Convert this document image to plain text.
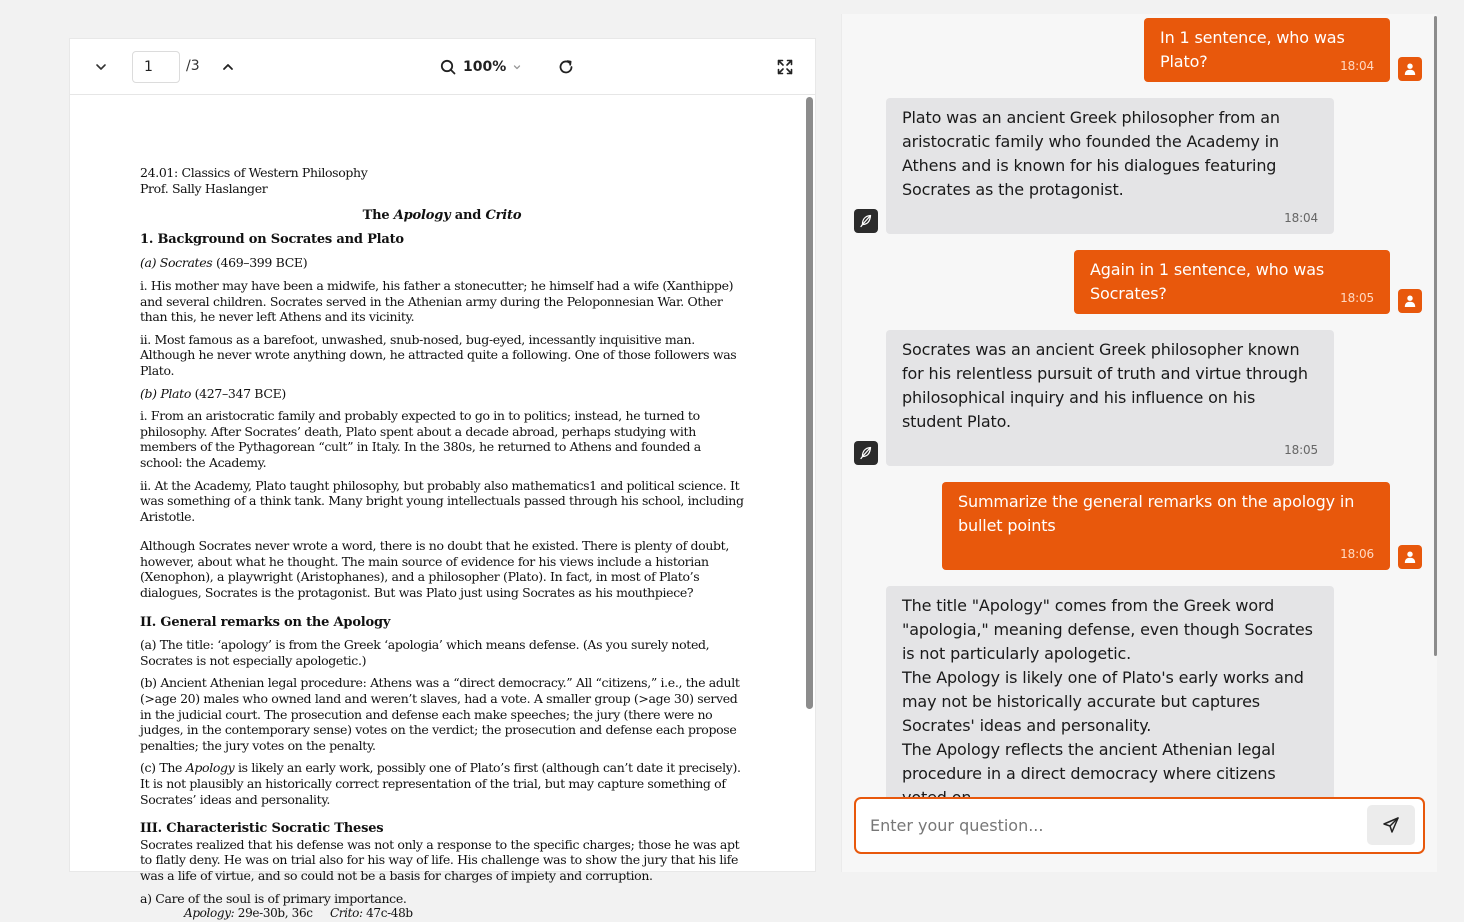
1	/3	100%

24.01: Classics of Western Philosophy

Prof. Sally Haslanger

The Apology and Crito
1. Background on Socrates and Plato

(a) Socrates (469–399 BCE)

i. His mother may have been a midwife, his father a stonecutter; he himself had a wife (Xanthippe) and several children. Socrates served in the Athenian army during the Peloponnesian War. Other than this, he never left Athens and its vicinity.

ii. Most famous as a barefoot, unwashed, snub-nosed, bug-eyed, incessantly inquisitive man. Although he never wrote anything down, he attracted quite a following. One of those followers was Plato.

(b) Plato (427–347 BCE)

i. From an aristocratic family and probably expected to go in to politics; instead, he turned to philosophy. After Socrates’ death, Plato spent about a decade abroad, perhaps studying with members of the Pythagorean “cult” in Italy. In the 380s, he returned to Athens and founded a school: the Academy.

ii. At the Academy, Plato taught philosophy, but probably also mathematics1 and political science. It was something of a think tank. Many bright young intellectuals passed through his school, including Aristotle.

Although Socrates never wrote a word, there is no doubt that he existed. There is plenty of doubt, however, about what he thought. The main source of evidence for his views include a historian (Xenophon), a playwright (Aristophanes), and a philosopher (Plato). In fact, in most of Plato’s dialogues, Socrates is the protagonist. But was Plato just using Socrates as his mouthpiece?

II. General remarks on the Apology

(a) The title: ‘apology’ is from the Greek ‘apologia’ which means defense. (As you surely noted, Socrates is not especially apologetic.)

(b) Ancient Athenian legal procedure: Athens was a “direct democracy.” All “citizens,” i.e., the adult (>age 20) males who owned land and weren’t slaves, had a vote. A smaller group (>age 30) served in the judicial court. The prosecution and defense each make speeches; the jury (there were no judges, in the contemporary sense) votes on the verdict; the prosecution and defense each propose penalties; the jury votes on the penalty.

(c) The Apology is likely an early work, possibly one of Plato’s first (although can’t date it precisely). It is not plausibly an historically correct representation of the trial, but may capture something of Socrates’ ideas and personality.

III. Characteristic Socratic Theses

Socrates realized that his defense was not only a response to the specific charges; those he was apt to flatly deny. He was on trial also for his way of life. His challenge was to show the jury that his life was a life of virtue, and so could not be a basis for charges of impiety and corruption.

a) Care of the soul is of primary importance.

Apology: 29e-30b, 36c Crito: 47c-48b

In 1 sentence, who was Plato?	18:04
Plato was an ancient Greek philosopher from an aristocratic family who founded the Academy in Athens and is known for his dialogues featuring Socrates as the protagonist.
18:04
Again in 1 sentence, who was Socrates?	18:05
Socrates was an ancient Greek philosopher known for his relentless pursuit of truth and virtue through philosophical inquiry and his influence on his student Plato.
18:05
Summarize the general remarks on the apology in bullet points
18:06
The title "Apology" comes from the Greek word "apologia," meaning defense, even though Socrates is not particularly apologetic.
The Apology is likely one of Plato's early works and may not be historically accurate but captures Socrates' ideas and personality.
The Apology reflects the ancient Athenian legal procedure in a direct democracy where citizens
Enter your question...
